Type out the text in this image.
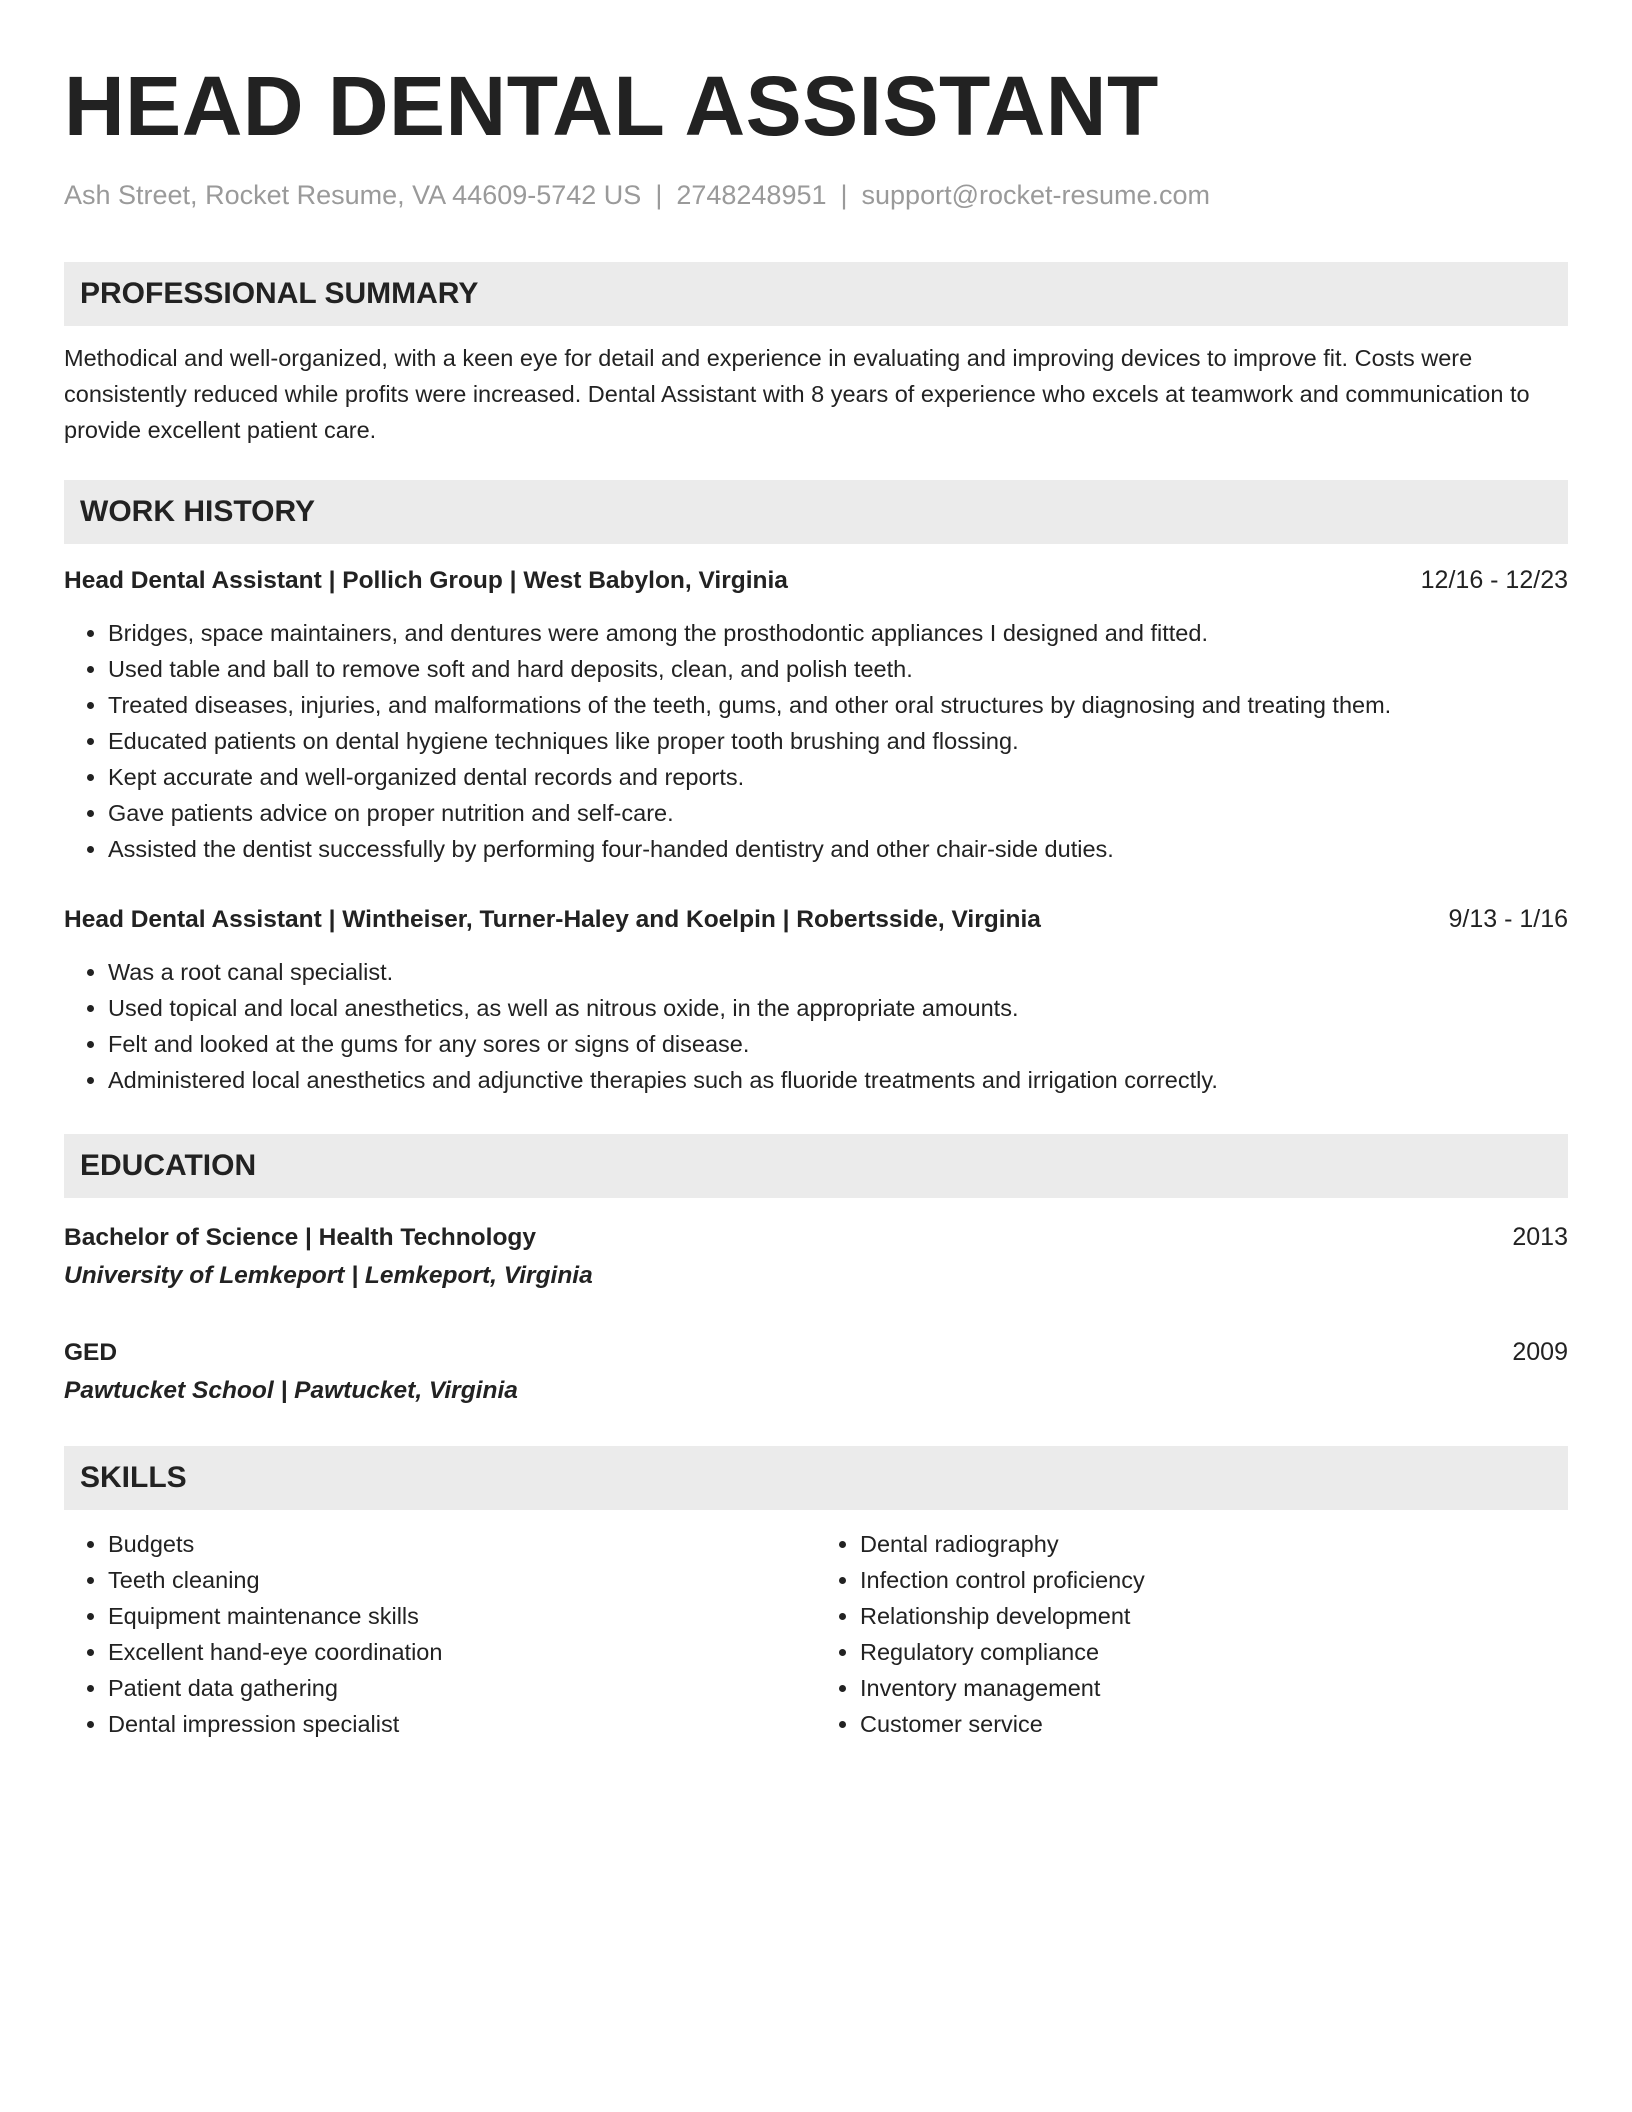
HEAD DENTAL ASSISTANT
Ash Street, Rocket Resume, VA 44609-5742 US | 2748248951 | support@rocket-resume.com
PROFESSIONAL SUMMARY
Methodical and well-organized, with a keen eye for detail and experience in evaluating and improving devices to improve fit. Costs were consistently reduced while profits were increased. Dental Assistant with 8 years of experience who excels at teamwork and communication to provide excellent patient care.
WORK HISTORY
Head Dental Assistant | Pollich Group | West Babylon, Virginia	12/16 - 12/23
• Bridges, space maintainers, and dentures were among the prosthodontic appliances I designed and fitted.
• Used table and ball to remove soft and hard deposits, clean, and polish teeth.
• Treated diseases, injuries, and malformations of the teeth, gums, and other oral structures by diagnosing and treating them.
• Educated patients on dental hygiene techniques like proper tooth brushing and flossing.
• Kept accurate and well-organized dental records and reports.
• Gave patients advice on proper nutrition and self-care.
• Assisted the dentist successfully by performing four-handed dentistry and other chair-side duties.
Head Dental Assistant | Wintheiser, Turner-Haley and Koelpin | Robertsside, Virginia	9/13 - 1/16
• Was a root canal specialist.
• Used topical and local anesthetics, as well as nitrous oxide, in the appropriate amounts.
• Felt and looked at the gums for any sores or signs of disease.
• Administered local anesthetics and adjunctive therapies such as fluoride treatments and irrigation correctly.
EDUCATION
Bachelor of Science | Health Technology	2013
University of Lemkeport | Lemkeport, Virginia
GED	2009
Pawtucket School | Pawtucket, Virginia
SKILLS
• Budgets
• Teeth cleaning
• Equipment maintenance skills
• Excellent hand-eye coordination
• Patient data gathering
• Dental impression specialist
• Dental radiography
• Infection control proficiency
• Relationship development
• Regulatory compliance
• Inventory management
• Customer service
